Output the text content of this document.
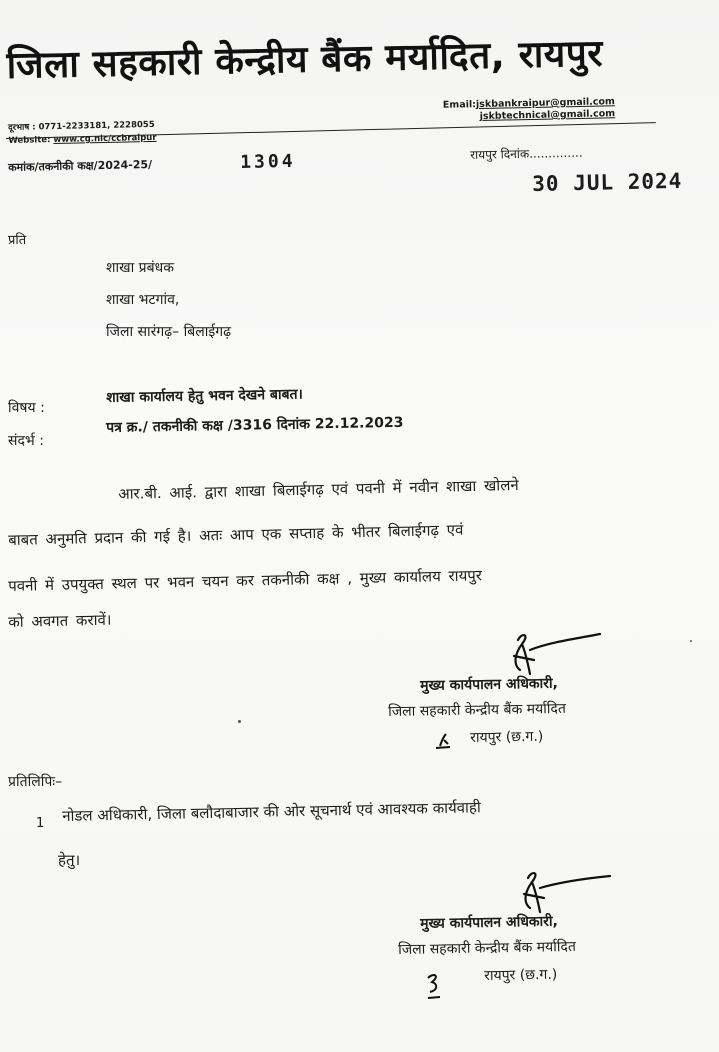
जिला सहकारी केन्द्रीय बैंक मर्यादित, रायपुर
Email:jskbankraipur@gmail.com
jskbtechnical@gmail.com
दूरभाष : 0771-2233181, 2228055
Website: www.cg.nic/ccbraipur
कमांक/तकनीकी कक्ष/2024-25/	1304	रायपुर दिनांक..............
30 JUL 2024
प्रति
शाखा प्रबंधक
शाखा भटगांव,
जिला सारंगढ़– बिलाईगढ़
विषय :
शाखा कार्यालय हेतु भवन देखने बाबत।
संदर्भ :
पत्र क्र./ तकनीकी कक्ष /3316 दिनांक 22.12.2023
आर.बी. आई. द्वारा शाखा बिलाईगढ़ एवं पवनी में नवीन शाखा खोलने
बाबत अनुमति प्रदान की गई है। अतः आप एक सप्ताह के भीतर बिलाईगढ़ एवं
पवनी में उपयुक्त स्थल पर भवन चयन कर तकनीकी कक्ष , मुख्य कार्यालय रायपुर
को अवगत करावें।
मुख्य कार्यपालन अधिकारी,
जिला सहकारी केन्द्रीय बैंक मर्यादित
रायपुर (छ.ग.)
प्रतिलिपिः–
1 नोडल अधिकारी, जिला बलौदाबाजार की ओर सूचनार्थ एवं आवश्यक कार्यवाही
हेतु।
मुख्य कार्यपालन अधिकारी,
जिला सहकारी केन्द्रीय बैंक मर्यादित
रायपुर (छ.ग.)
